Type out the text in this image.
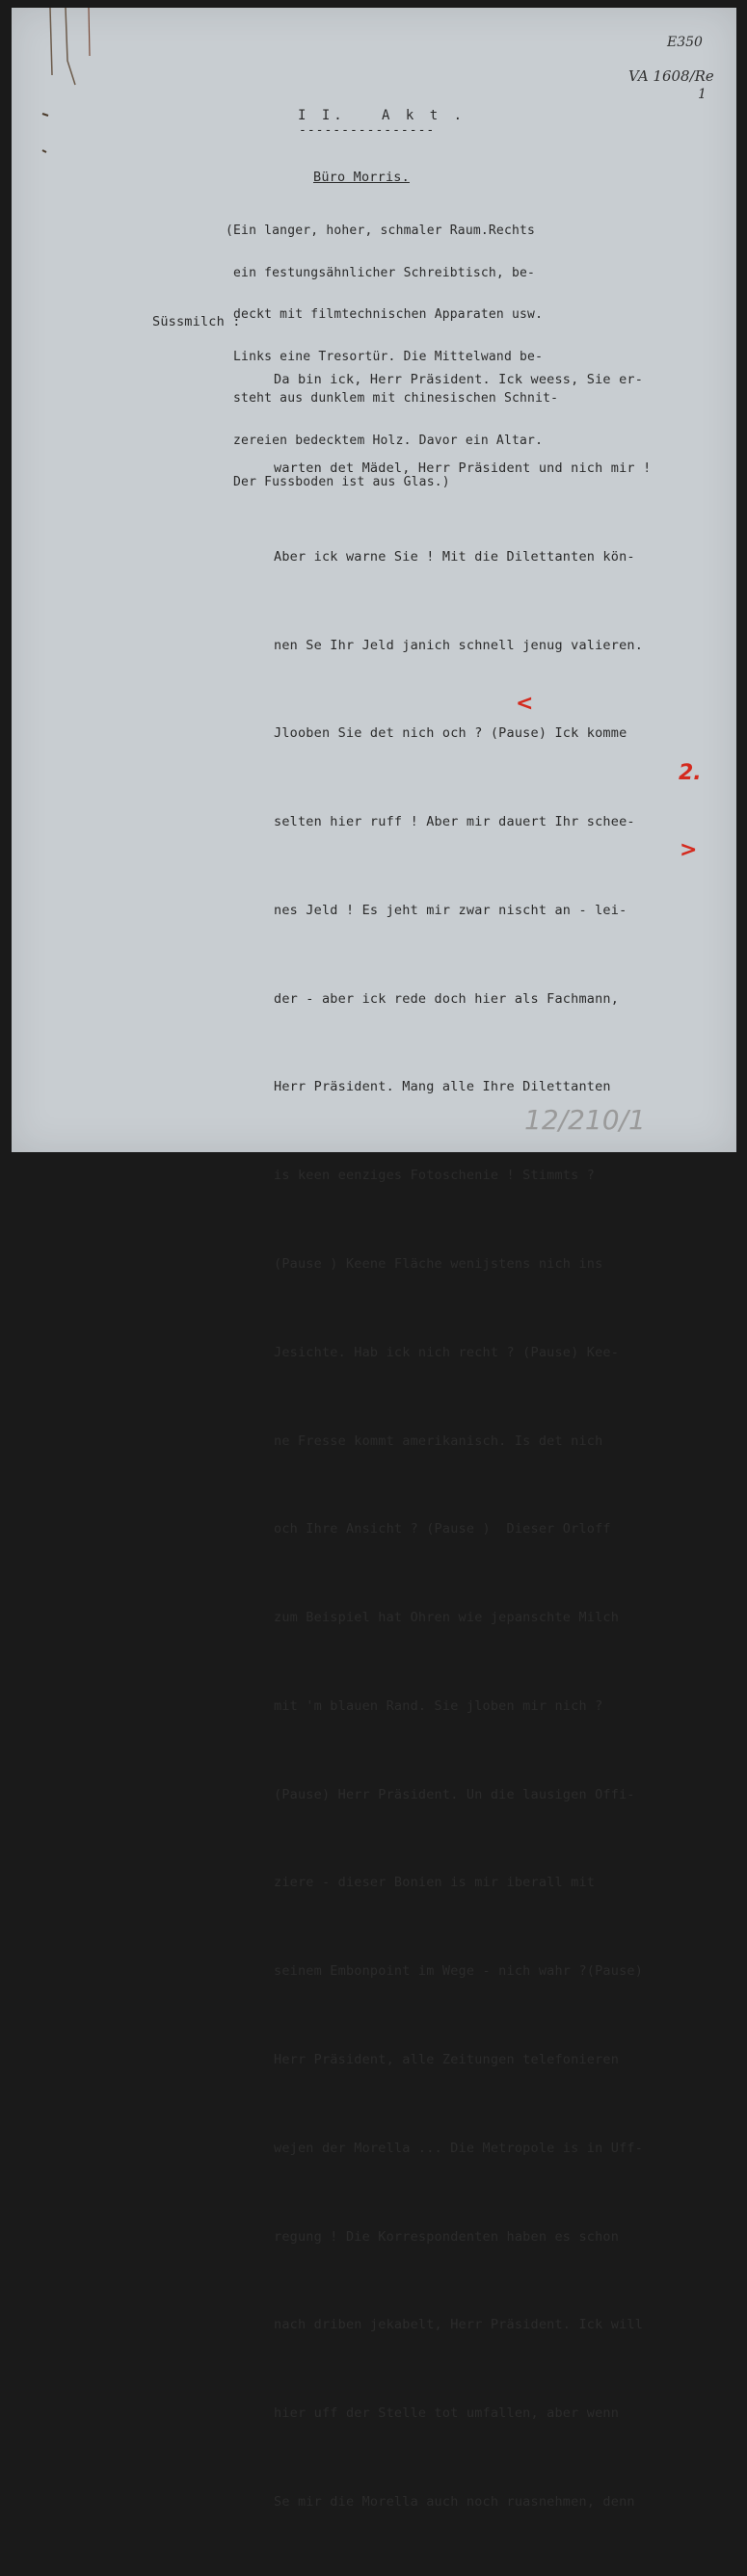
E350
VA 1608/Re
1
I I.   A k t .
----------------
Büro Morris.

(Ein langer, hoher, schmaler Raum.Rechts

ein festungsähnlicher Schreibtisch, be-

deckt mit filmtechnischen Apparaten usw.

Links eine Tresortür. Die Mittelwand be-

steht aus dunklem mit chinesischen Schnit-

zereien bedecktem Holz. Davor ein Altar.

Der Fussboden ist aus Glas.)

Süssmilch :

Da bin ick, Herr Präsident. Ick weess, Sie er-

warten det Mädel, Herr Präsident und nich mir !

Aber ick warne Sie ! Mit die Dilettanten kön-

nen Se Ihr Jeld janich schnell jenug valieren.

Jlooben Sie det nich och ? (Pause) Ick komme

selten hier ruff ! Aber mir dauert Ihr schee-

nes Jeld ! Es jeht mir zwar nischt an - lei-

der - aber ick rede doch hier als Fachmann,

Herr Präsident. Mang alle Ihre Dilettanten

is keen eenziges Fotoschenie ! Stimmts ?

(Pause ) Keene Fläche wenijstens nich ins

Jesichte. Hab ick nich recht ? (Pause) Kee-

ne Fresse kommt amerikanisch. Is det nich

och Ihre Ansicht ? (Pause )  Dieser Orloff

zum Beispiel hat Ohren wie jepanschte Milch

mit 'm blauen Rand. Sie jloben mir nich ?

(Pause) Herr Präsident. Un die lausigen Offi-

ziere - dieser Bonien is mir iberall mit

seinem Embonpoint im Wege - nich wahr ?(Pause)

Herr Präsident, alle Zeitungen telefonieren

wejen der Morella ... Die Metropole is in Uff-

regung ! Die Korrespondenten haben es schon

nach driben jekabelt, Herr Präsident. Ick will

hier uff der Stelle tot umfallen, aber wenn

Se mir die Morella auch noch ruasnehmen, denn

<
2.
>
12/210/1
